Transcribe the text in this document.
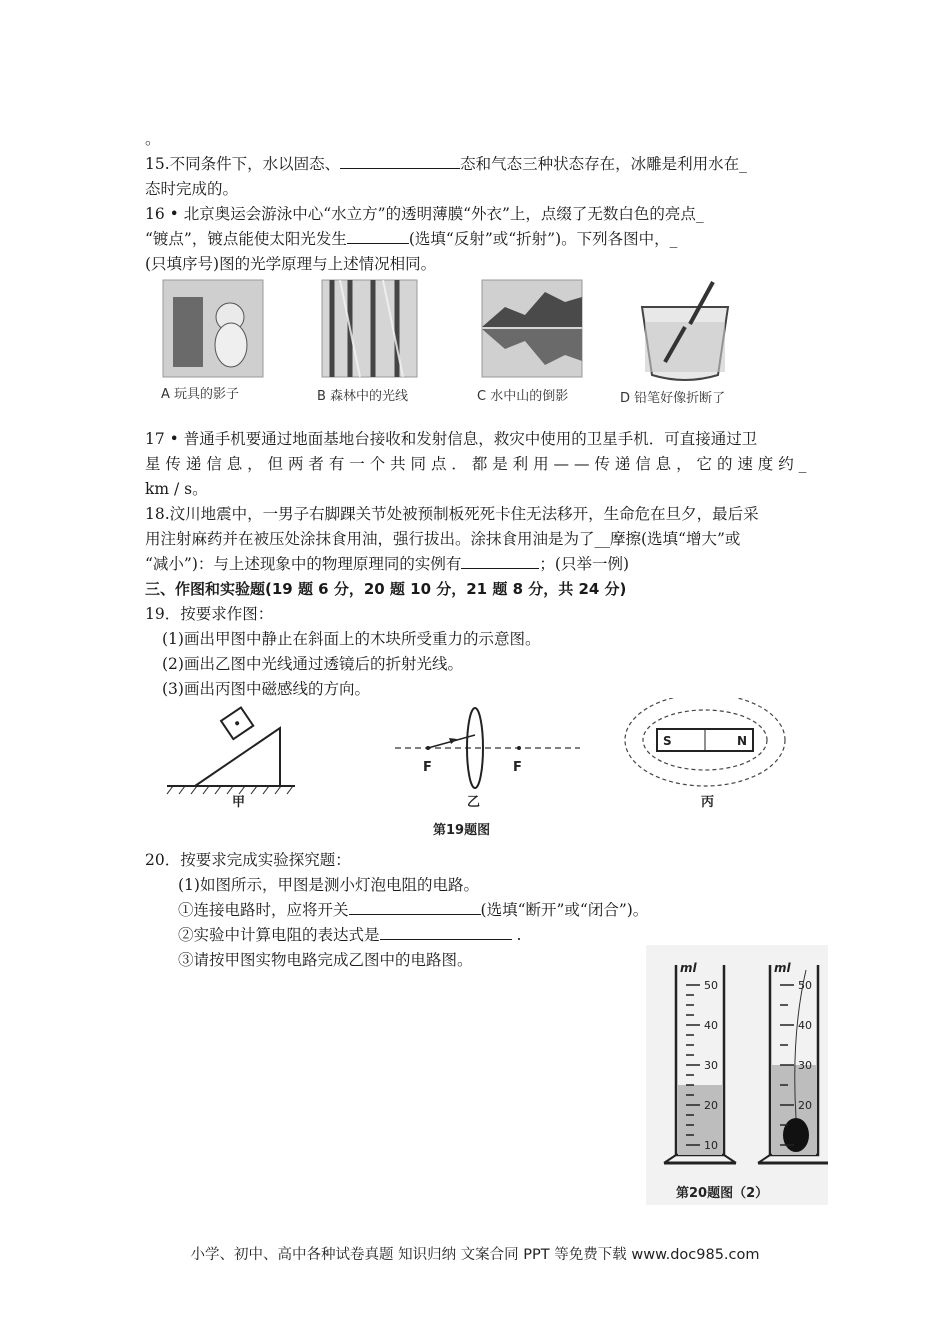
。
15.不同条件下，水以固态、	态和气态三种状态存在，冰雕是利用水在_
态时完成的。
16 • 北京奥运会游泳中心“水立方”的透明薄膜“外衣”上，点缀了无数白色的亮点_
“镀点”，镀点能使太阳光发生	(选填“反射”或“折射”)。下列各图中，_
(只填序号)图的光学原理与上述情况相同。
A 玩具的影子	B 森林中的光线	C 水中山的倒影	D 铅笔好像折断了
17 • 普通手机要通过地面基地台接收和发射信息，救灾中使用的卫星手机．可直接通过卫
星 传 递 信 息 ， 但 两 者 有 一 个 共 同 点 ． 都 是 利 用 — — 传 递 信 息 ， 它 的 速 度 约 _
km / s。
18.汶川地震中，一男子右脚踝关节处被预制板死死卡住无法移开，生命危在旦夕，最后采
用注射麻药并在被压处涂抹食用油，强行拔出。涂抹食用油是为了__摩擦(选填“增大”或
“减小”)：与上述现象中的物理原理同的实例有	；(只举一例)
三、作图和实验题(19 题 6 分，20 题 10 分，21 题 8 分，共 24 分)
19．按要求作图：
(1)画出甲图中静止在斜面上的木块所受重力的示意图。
(2)画出乙图中光线通过透镜后的折射光线。
(3)画出丙图中磁感线的方向。
甲
F	F
乙
S	N
丙
第19题图
20．按要求完成实验探究题：
(1)如图所示，甲图是测小灯泡电阻的电路。
①连接电路时，应将开关	(选填“断开”或“闭合”)。
②实验中计算电阻的表达式是	.
③请按甲图实物电路完成乙图中的电路图。	ml
50
40
30
20
10
ml
50
40
30
20
第20题图（2）
小学、初中、高中各种试卷真题 知识归纳 文案合同 PPT 等免费下载 www.doc985.com
